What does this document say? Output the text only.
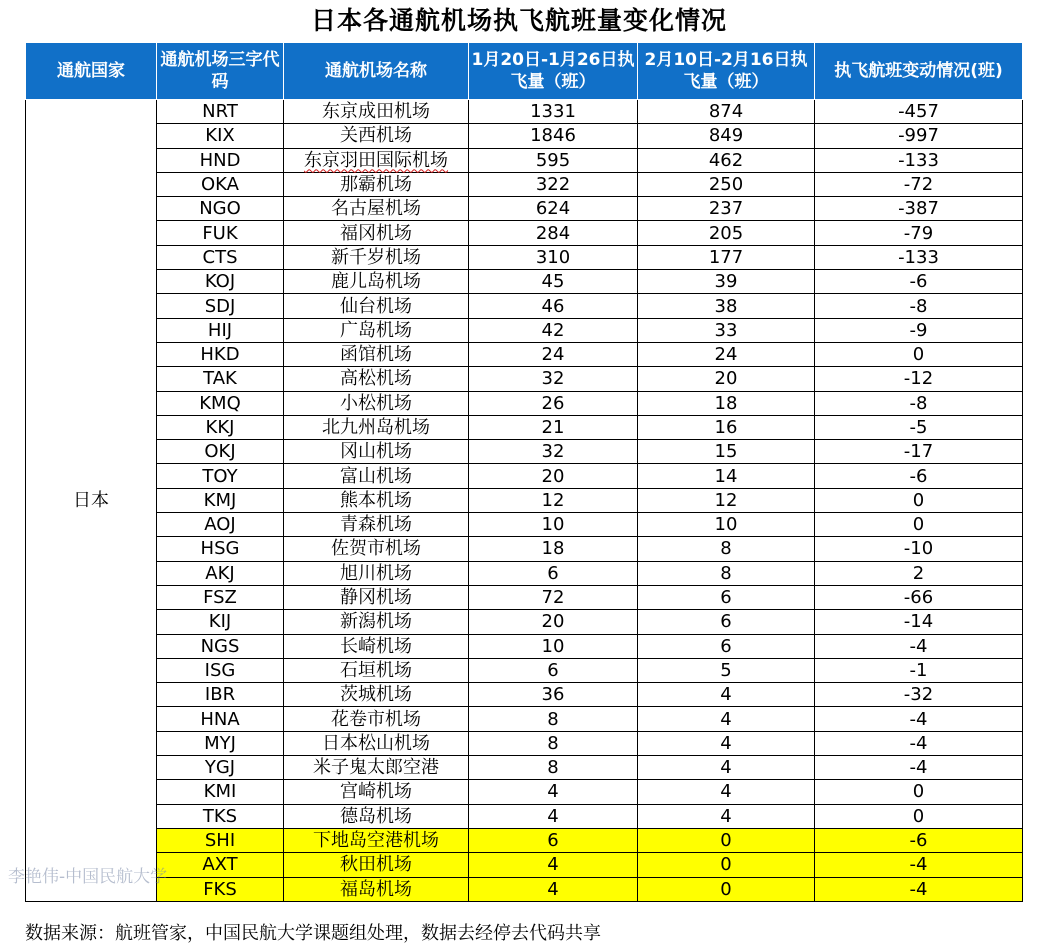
日本各通航机场执飞航班量变化情况
通航国家	通航机场三字代码	通航机场名称	1月20日-1月26日执飞量（班）	2月10日-2月16日执飞量（班）	执飞航班变动情况(班)
日本	NRT	东京成田机场	1331	874	-457
	KIX	关西机场	1846	849	-997
	HND	东京羽田国际机场	595	462	-133
	OKA	那霸机场	322	250	-72
	NGO	名古屋机场	624	237	-387
	FUK	福冈机场	284	205	-79
	CTS	新千岁机场	310	177	-133
	KOJ	鹿儿岛机场	45	39	-6
	SDJ	仙台机场	46	38	-8
	HIJ	广岛机场	42	33	-9
	HKD	函馆机场	24	24	0
	TAK	高松机场	32	20	-12
	KMQ	小松机场	26	18	-8
	KKJ	北九州岛机场	21	16	-5
	OKJ	冈山机场	32	15	-17
	TOY	富山机场	20	14	-6
	KMJ	熊本机场	12	12	0
	AOJ	青森机场	10	10	0
	HSG	佐贺市机场	18	8	-10
	AKJ	旭川机场	6	8	2
	FSZ	静冈机场	72	6	-66
	KIJ	新潟机场	20	6	-14
	NGS	长崎机场	10	6	-4
	ISG	石垣机场	6	5	-1
	IBR	茨城机场	36	4	-32
	HNA	花卷市机场	8	4	-4
	MYJ	日本松山机场	8	4	-4
	YGJ	米子鬼太郎空港	8	4	-4
	KMI	宫崎机场	4	4	0
	TKS	德岛机场	4	4	0
	SHI	下地岛空港机场	6	0	-6
	AXT	秋田机场	4	0	-4
	FKS	福岛机场	4	0	-4
李艳伟-中国民航大学
数据来源：航班管家，中国民航大学课题组处理，数据去经停去代码共享
